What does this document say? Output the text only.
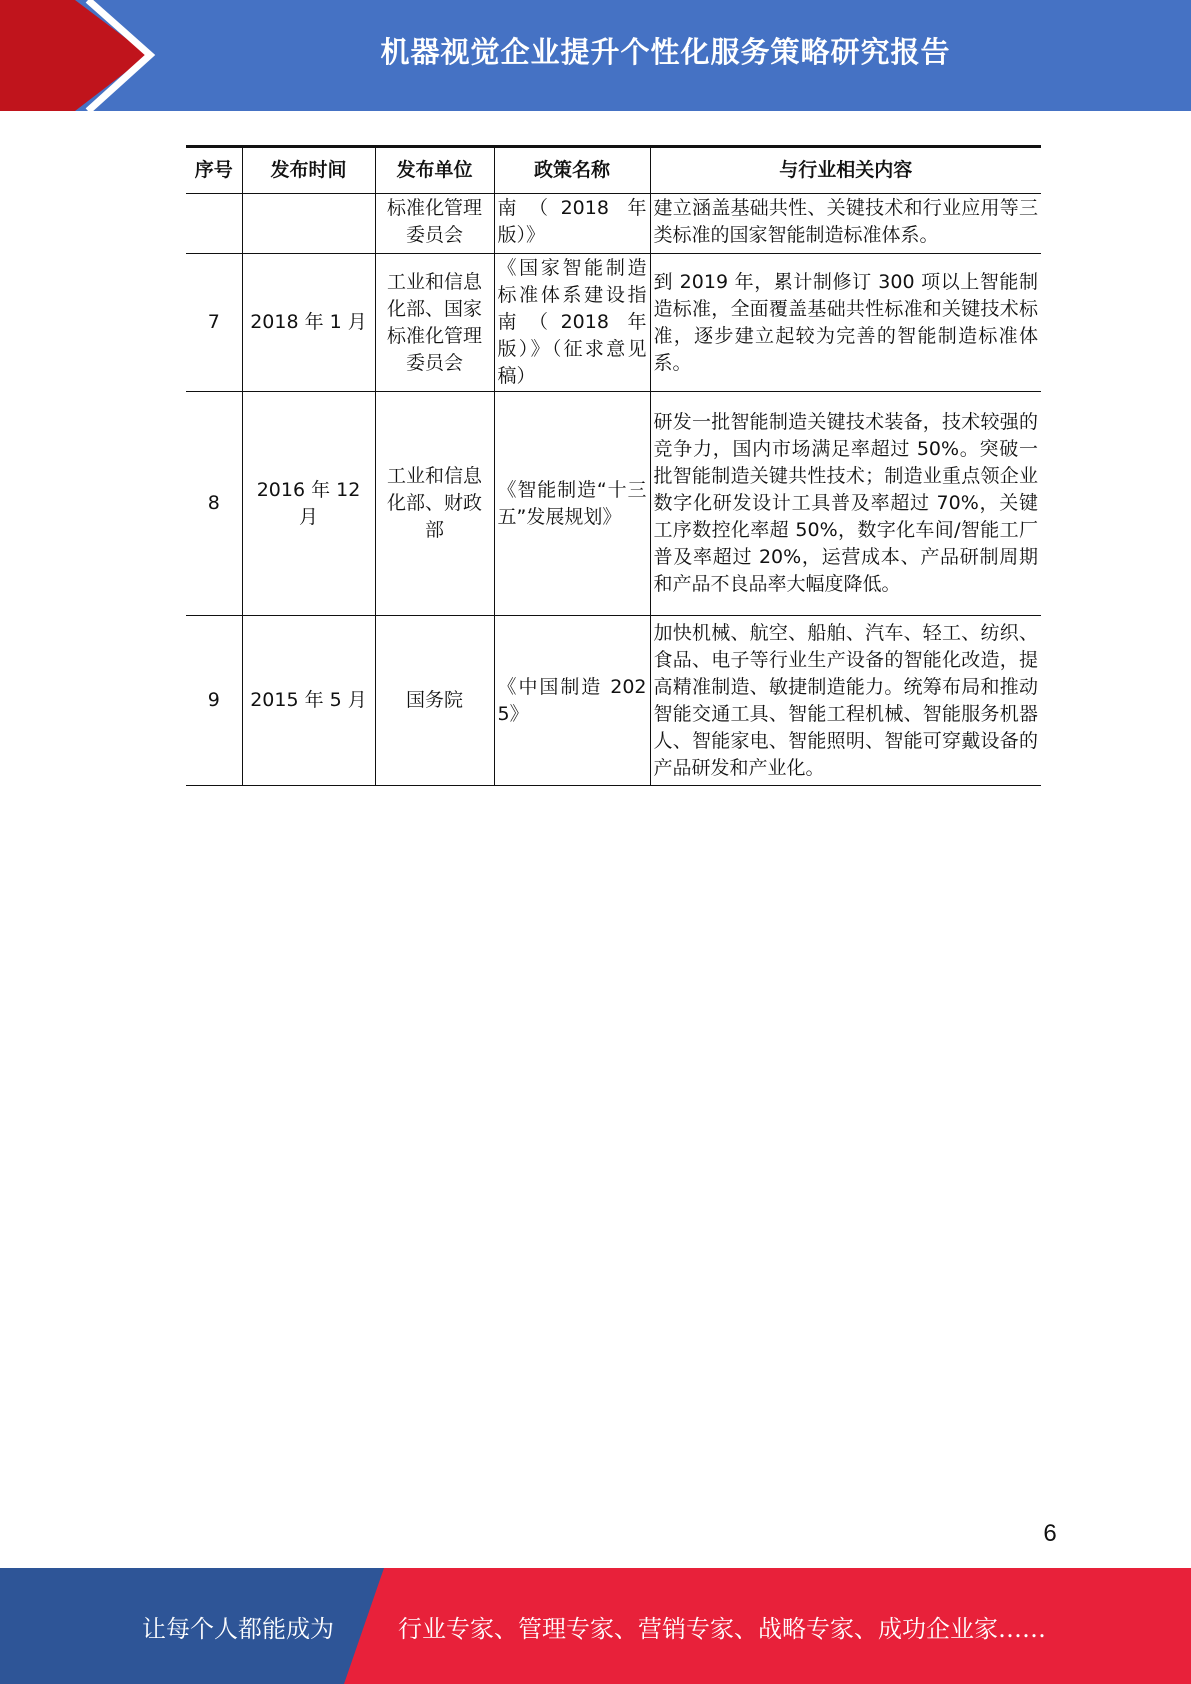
机器视觉企业提升个性化服务策略研究报告
序号	发布时间	发布单位	政策名称	与行业相关内容
		标准化管理委员会	南（2018 年版）》	建立涵盖基础共性、关键技术和行业应用等三类标准的国家智能制造标准体系。
7	2018 年 1 月	工业和信息化部、国家标准化管理委员会	《国家智能制造标准体系建设指南（2018 年版）》（征求意见稿）	到 2019 年，累计制修订 300 项以上智能制造标准，全面覆盖基础共性标准和关键技术标准，逐步建立起较为完善的智能制造标准体系。
8	2016 年 12 月	工业和信息化部、财政部	《智能制造“十三五”发展规划》	研发一批智能制造关键技术装备，技术较强的竞争力，国内市场满足率超过 50%。突破一批智能制造关键共性技术；制造业重点领企业数字化研发设计工具普及率超过 70%，关键工序数控化率超 50%，数字化车间/智能工厂普及率超过 20%，运营成本、产品研制周期和产品不良品率大幅度降低。
9	2015 年 5 月	国务院	《中国制造 2025》	加快机械、航空、船舶、汽车、轻工、纺织、食品、电子等行业生产设备的智能化改造，提高精准制造、敏捷制造能力。统筹布局和推动智能交通工具、智能工程机械、智能服务机器人、智能家电、智能照明、智能可穿戴设备的产品研发和产业化。
6
让每个人都能成为	行业专家、管理专家、营销专家、战略专家、成功企业家……
